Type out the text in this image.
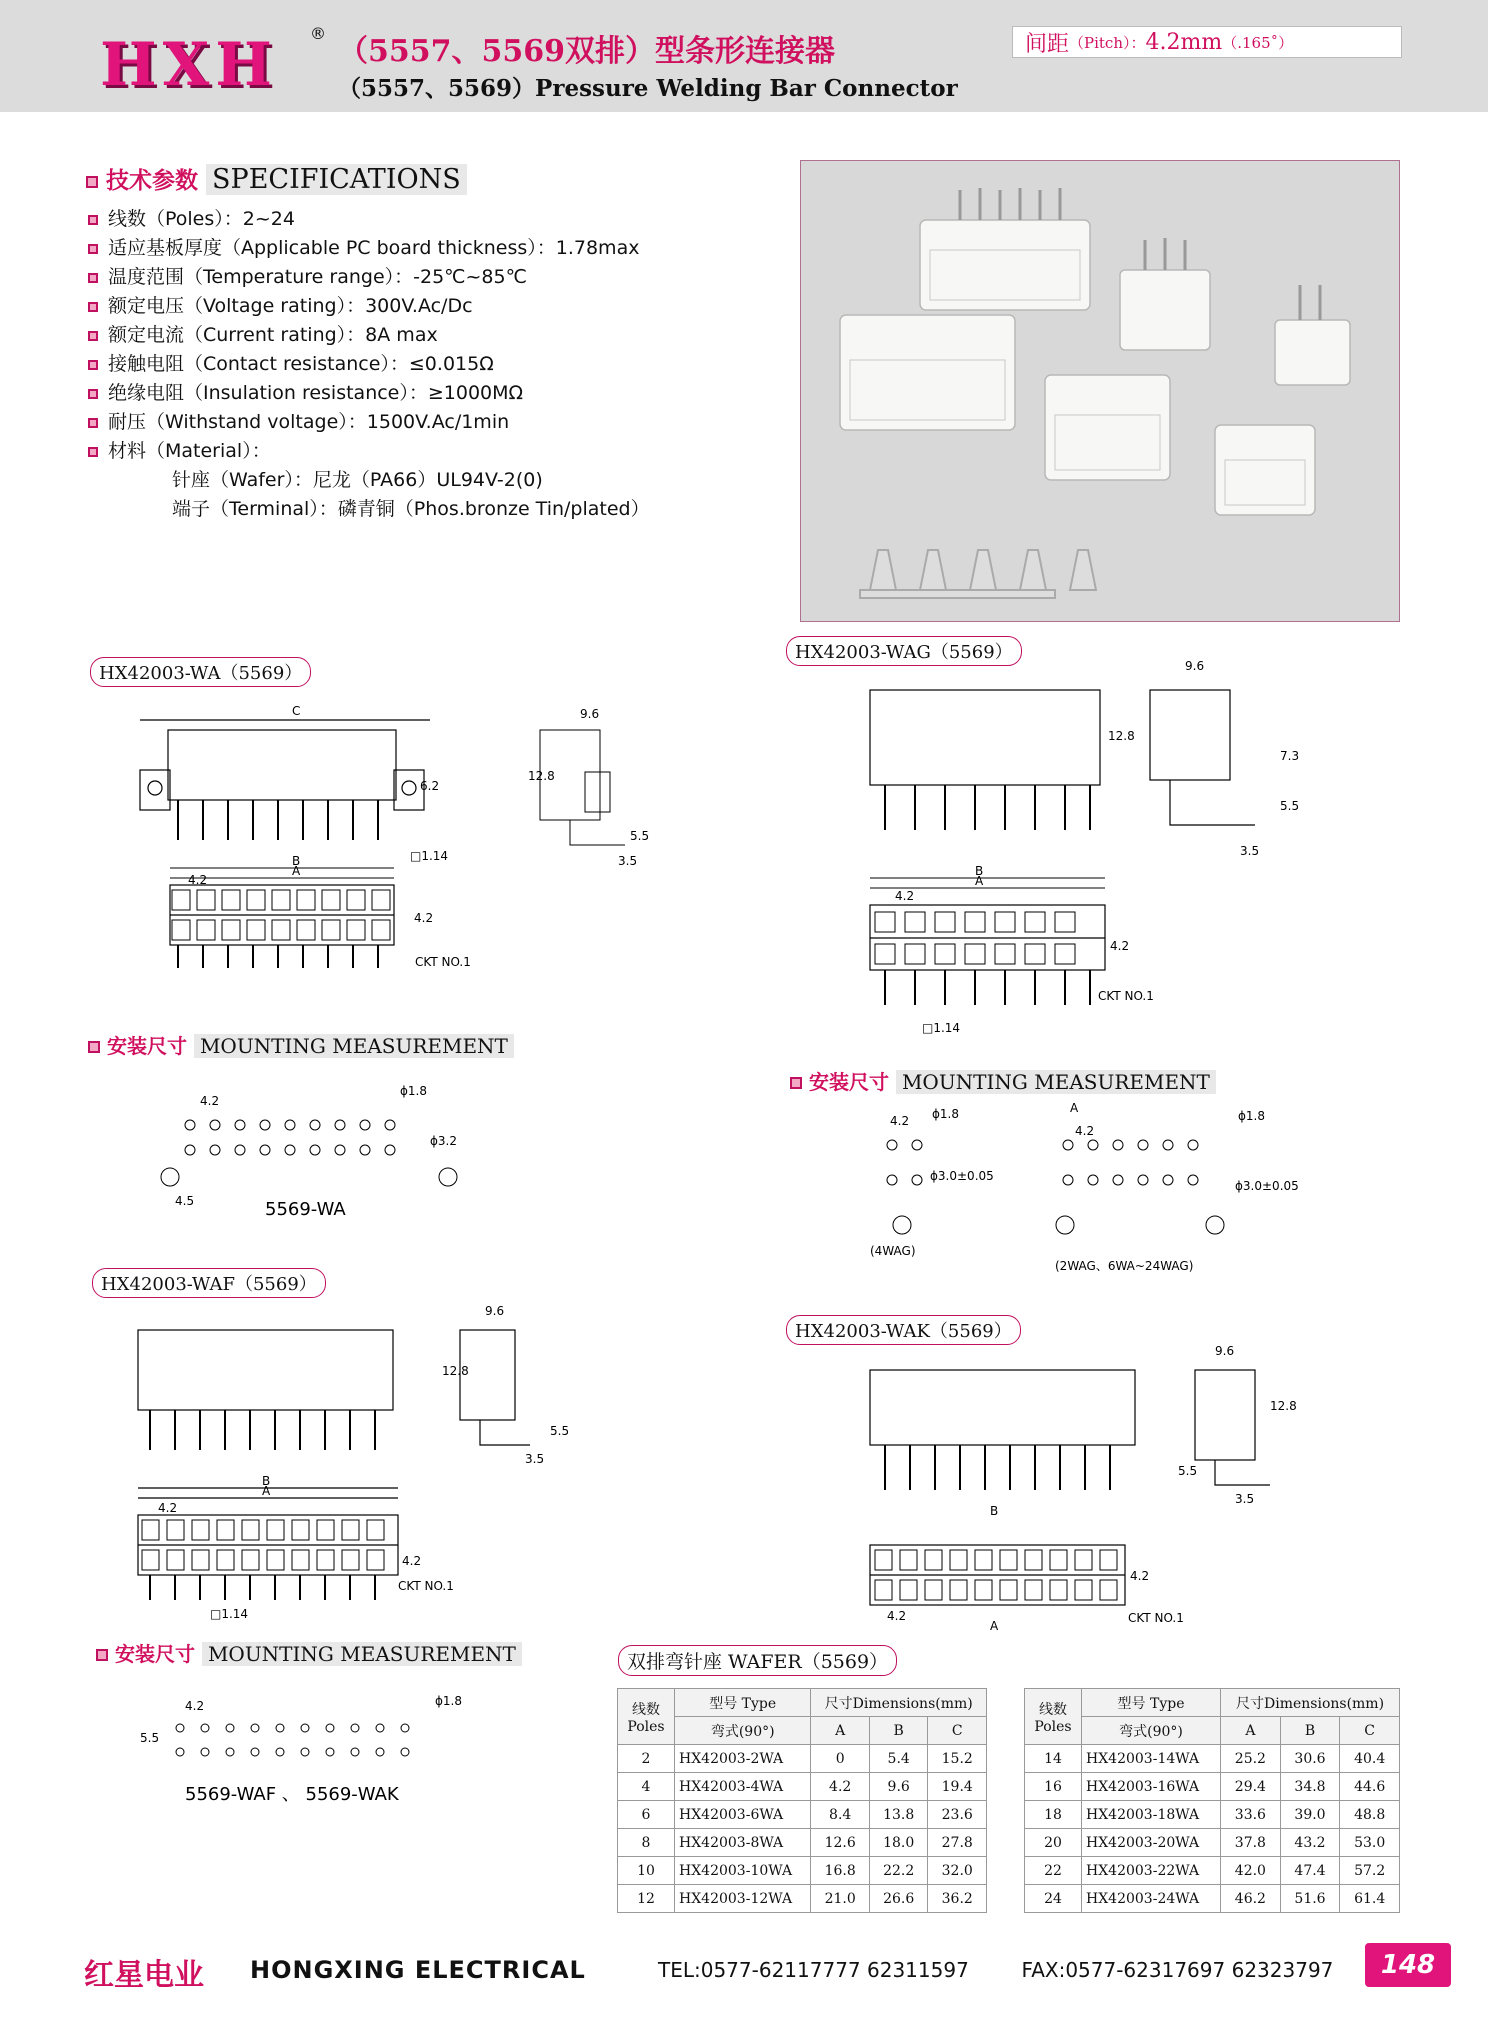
HXH ®
（5557、5569双排）型条形连接器
（5557、5569）Pressure Welding Bar Connector
间距 （Pitch）： 4.2mm （.165˚）
技术参数 SPECIFICATIONS
线数（Poles）：2~24
适应基板厚度（Applicable PC board thickness）：1.78max
温度范围（Temperature range）：-25℃~85℃
额定电压（Voltage rating）：300V.Ac/Dc
额定电流（Current rating）：8A max
接触电阻（Contact resistance）：≤0.015Ω
绝缘电阻（Insulation resistance）：≥1000MΩ
耐压（Withstand voltage）：1500V.Ac/1min
材料（Material）：
针座（Wafer）：尼龙（PA66）UL94V-2(0)
端子（Terminal）：磷青铜（Phos.bronze Tin/plated）
HX42003-WA（5569）
C
B
A
4.2
6.2
4.2
CKT NO.1
□1.14
9.6
12.8
5.5
3.5
安装尺寸 MOUNTING MEASUREMENT
4.2
ϕ1.8
ϕ3.2
4.5	5569-WA
HX42003-WAG（5569）
B
A
4.2
4.2
CKT NO.1
□1.14
9.6
12.8
7.3
5.5
3.5
安装尺寸 MOUNTING MEASUREMENT
4.2 ϕ1.8
ϕ3.0±0.05
(4WAG)
A
4.2
ϕ1.8
ϕ3.0±0.05
(2WAG、6WA~24WAG)
HX42003-WAF（5569）
B
A
4.2
4.2
CKT NO.1
□1.14
9.6
12.8
5.5
3.5
安装尺寸 MOUNTING MEASUREMENT
4.2	ϕ1.8
5.5
5569-WAF 、 5569-WAK
HX42003-WAK（5569）
B
4.2
A
4.2
CKT NO.1
9.6
12.8
5.5
3.5
双排弯针座 WAFER（5569）
线数
Poles	型号 Type	尺寸Dimensions(mm)		
	弯式(90°)	A	B	C
2	HX42003-2WA	0	5.4	15.2
4	HX42003-4WA	4.2	9.6	19.4
6	HX42003-6WA	8.4	13.8	23.6
8	HX42003-8WA	12.6	18.0	27.8
10	HX42003-10WA	16.8	22.2	32.0
12	HX42003-12WA	21.0	26.6	36.2
线数
Poles	型号 Type	尺寸Dimensions(mm)		
	弯式(90°)	A	B	C
14	HX42003-14WA	25.2	30.6	40.4
16	HX42003-16WA	29.4	34.8	44.6
18	HX42003-18WA	33.6	39.0	48.8
20	HX42003-20WA	37.8	43.2	53.0
22	HX42003-22WA	42.0	47.4	57.2
24	HX42003-24WA	46.2	51.6	61.4
红星电业 HONGXING ELECTRICAL	TEL:0577-62117777 62311597	FAX:0577-62317697 62323797	148
